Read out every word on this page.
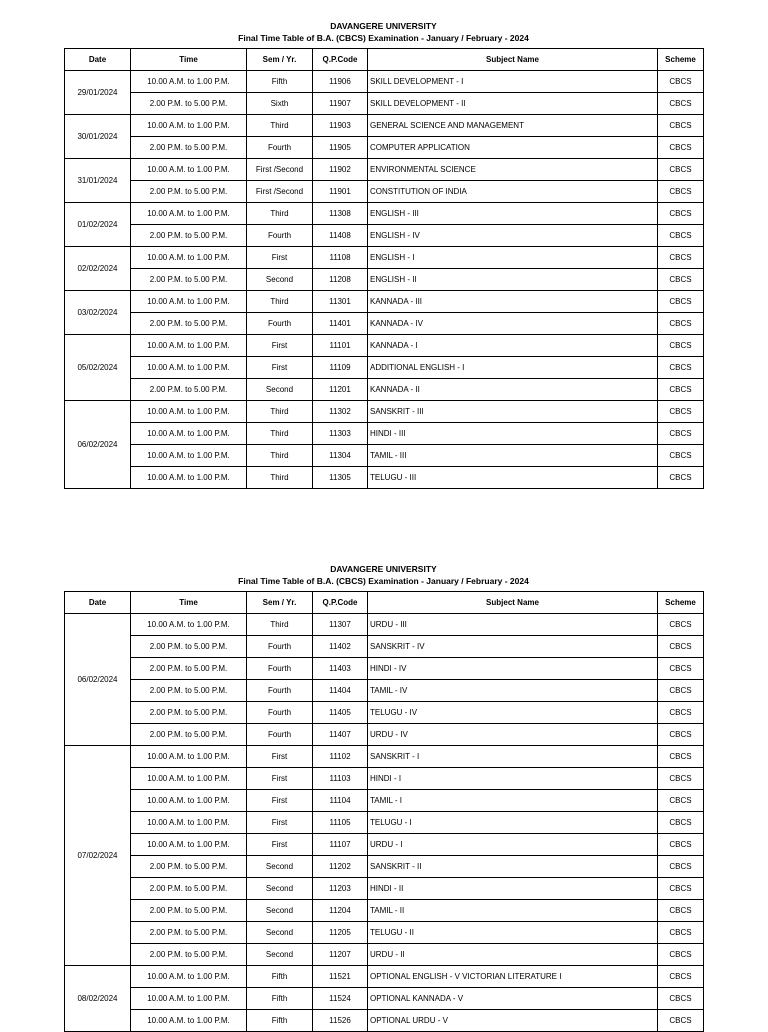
DAVANGERE UNIVERSITY
Final Time Table of B.A. (CBCS) Examination - January / February - 2024
Date	Time	Sem / Yr.	Q.P.Code	Subject Name	Scheme
29/01/2024	10.00 A.M. to 1.00 P.M.	Fifth	11906	SKILL DEVELOPMENT - I	CBCS
	2.00 P.M. to 5.00 P.M.	Sixth	11907	SKILL DEVELOPMENT - II	CBCS
30/01/2024	10.00 A.M. to 1.00 P.M.	Third	11903	GENERAL SCIENCE AND MANAGEMENT	CBCS
	2.00 P.M. to 5.00 P.M.	Fourth	11905	COMPUTER APPLICATION	CBCS
31/01/2024	10.00 A.M. to 1.00 P.M.	First /Second	11902	ENVIRONMENTAL SCIENCE	CBCS
	2.00 P.M. to 5.00 P.M.	First /Second	11901	CONSTITUTION OF INDIA	CBCS
01/02/2024	10.00 A.M. to 1.00 P.M.	Third	11308	ENGLISH - III	CBCS
	2.00 P.M. to 5.00 P.M.	Fourth	11408	ENGLISH - IV	CBCS
02/02/2024	10.00 A.M. to 1.00 P.M.	First	11108	ENGLISH - I	CBCS
	2.00 P.M. to 5.00 P.M.	Second	11208	ENGLISH - II	CBCS
03/02/2024	10.00 A.M. to 1.00 P.M.	Third	11301	KANNADA - III	CBCS
	2.00 P.M. to 5.00 P.M.	Fourth	11401	KANNADA - IV	CBCS
05/02/2024	10.00 A.M. to 1.00 P.M.	First	11101	KANNADA - I	CBCS
	10.00 A.M. to 1.00 P.M.	First	11109	ADDITIONAL ENGLISH - I	CBCS
	2.00 P.M. to 5.00 P.M.	Second	11201	KANNADA - II	CBCS
06/02/2024	10.00 A.M. to 1.00 P.M.	Third	11302	SANSKRIT - III	CBCS
	10.00 A.M. to 1.00 P.M.	Third	11303	HINDI - III	CBCS
	10.00 A.M. to 1.00 P.M.	Third	11304	TAMIL - III	CBCS
	10.00 A.M. to 1.00 P.M.	Third	11305	TELUGU - III	CBCS
DAVANGERE UNIVERSITY
Final Time Table of B.A. (CBCS) Examination - January / February - 2024
Date	Time	Sem / Yr.	Q.P.Code	Subject Name	Scheme
06/02/2024	10.00 A.M. to 1.00 P.M.	Third	11307	URDU - III	CBCS
	2.00 P.M. to 5.00 P.M.	Fourth	11402	SANSKRIT - IV	CBCS
	2.00 P.M. to 5.00 P.M.	Fourth	11403	HINDI - IV	CBCS
	2.00 P.M. to 5.00 P.M.	Fourth	11404	TAMIL - IV	CBCS
	2.00 P.M. to 5.00 P.M.	Fourth	11405	TELUGU - IV	CBCS
	2.00 P.M. to 5.00 P.M.	Fourth	11407	URDU - IV	CBCS
07/02/2024	10.00 A.M. to 1.00 P.M.	First	11102	SANSKRIT - I	CBCS
	10.00 A.M. to 1.00 P.M.	First	11103	HINDI - I	CBCS
	10.00 A.M. to 1.00 P.M.	First	11104	TAMIL - I	CBCS
	10.00 A.M. to 1.00 P.M.	First	11105	TELUGU - I	CBCS
	10.00 A.M. to 1.00 P.M.	First	11107	URDU - I	CBCS
	2.00 P.M. to 5.00 P.M.	Second	11202	SANSKRIT - II	CBCS
	2.00 P.M. to 5.00 P.M.	Second	11203	HINDI - II	CBCS
	2.00 P.M. to 5.00 P.M.	Second	11204	TAMIL - II	CBCS
	2.00 P.M. to 5.00 P.M.	Second	11205	TELUGU - II	CBCS
	2.00 P.M. to 5.00 P.M.	Second	11207	URDU - II	CBCS
08/02/2024	10.00 A.M. to 1.00 P.M.	Fifth	11521	OPTIONAL ENGLISH - V VICTORIAN LITERATURE I	CBCS
	10.00 A.M. to 1.00 P.M.	Fifth	11524	OPTIONAL KANNADA - V	CBCS
	10.00 A.M. to 1.00 P.M.	Fifth	11526	OPTIONAL URDU - V	CBCS
